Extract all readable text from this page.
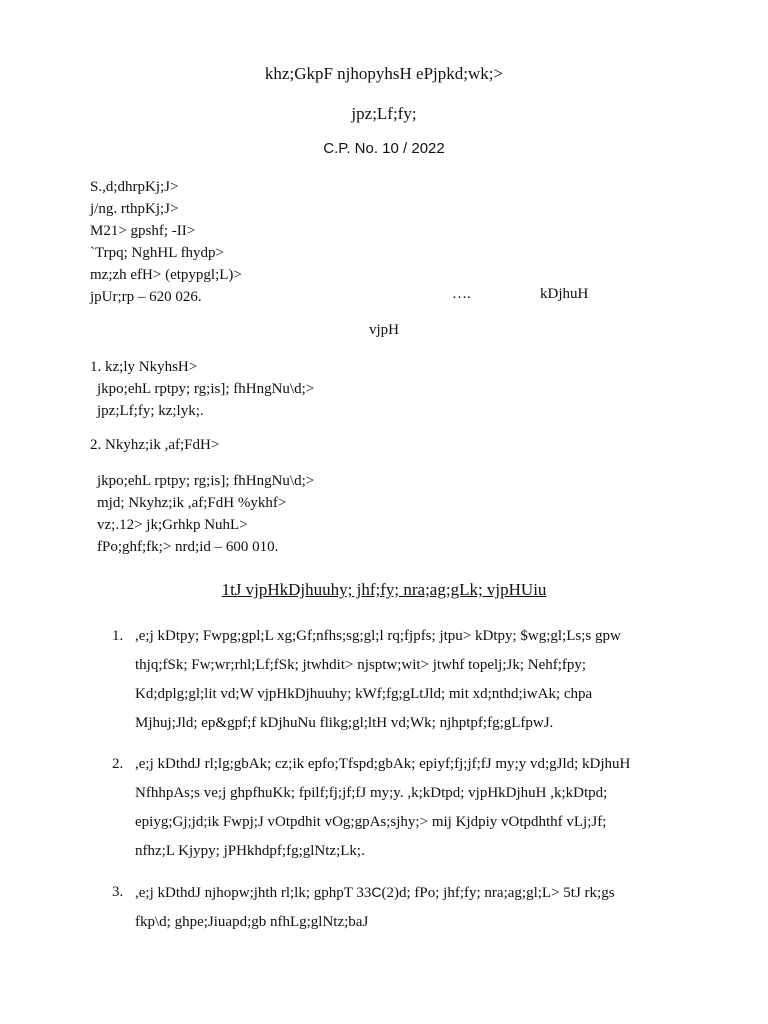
khz;GkpF njhopyhsH ePjpkd;wk;>
jpz;Lf;fy;
C.P. No. 10 / 2022
S.,d;dhrpKj;J>
j/ng. rthpKj;J>
M21> gpshf; -II>
`Trpq; NghHL fhydp>
mz;zh efH> (etpypgl;L)>
jpUr;rp – 620 026.	….	kDjhuH
vjpH
1. kz;ly NkyhsH>
jkpo;ehL rptpy; rg;is]; fhHngNu\d;>
jpz;Lf;fy; kz;lyk;.
2. Nkyhz;ik ,af;FdH>
jkpo;ehL rptpy; rg;is]; fhHngNu\d;>
mjd; Nkyhz;ik ,af;FdH %ykhf>
vz;.12> jk;Grhkp NuhL>
fPo;ghf;fk;> nrd;id – 600 010.
1tJ vjpHkDjhuuhy; jhf;fy; nra;ag;gLk; vjpHUiu
1. ,e;j kDtpy; Fwpg;gpl;L xg;Gf;nfhs;sg;gl;l rq;fjpfs; jtpu> kDtpy; $wg;gl;Ls;s gpw
thjq;fSk; Fw;wr;rhl;Lf;fSk; jtwhdit> njsptw;wit> jtwhf topelj;Jk; Nehf;fpy;
Kd;dplg;gl;lit vd;W vjpHkDjhuuhy; kWf;fg;gLtJld; mit xd;nthd;iwAk; chpa
Mjhuj;Jld; ep&gpf;f kDjhuNu flikg;gl;ltH vd;Wk; njhptpf;fg;gLfpwJ.
2. ,e;j kDthdJ rl;lg;gbAk; cz;ik epfo;Tfspd;gbAk; epiyf;fj;jf;fJ my;y vd;gJld; kDjhuH
NfhhpAs;s ve;j ghpfhuKk; fpilf;fj;jf;fJ my;y. ,k;kDtpd; vjpHkDjhuH ,k;kDtpd;
epiyg;Gj;jd;ik Fwpj;J vOtpdhit vOg;gpAs;sjhy;> mij Kjdpiy vOtpdhthf vLj;Jf;
nfhz;L Kjypy; jPHkhdpf;fg;glNtz;Lk;.
3. ,e;j kDthdJ njhopw;jhth rl;lk; gphpT 33C(2)d; fPo; jhf;fy; nra;ag;gl;L> 5tJ rk;gs
fkp\d; ghpe;Jiuapd;gb nfhLg;glNtz;baJ
